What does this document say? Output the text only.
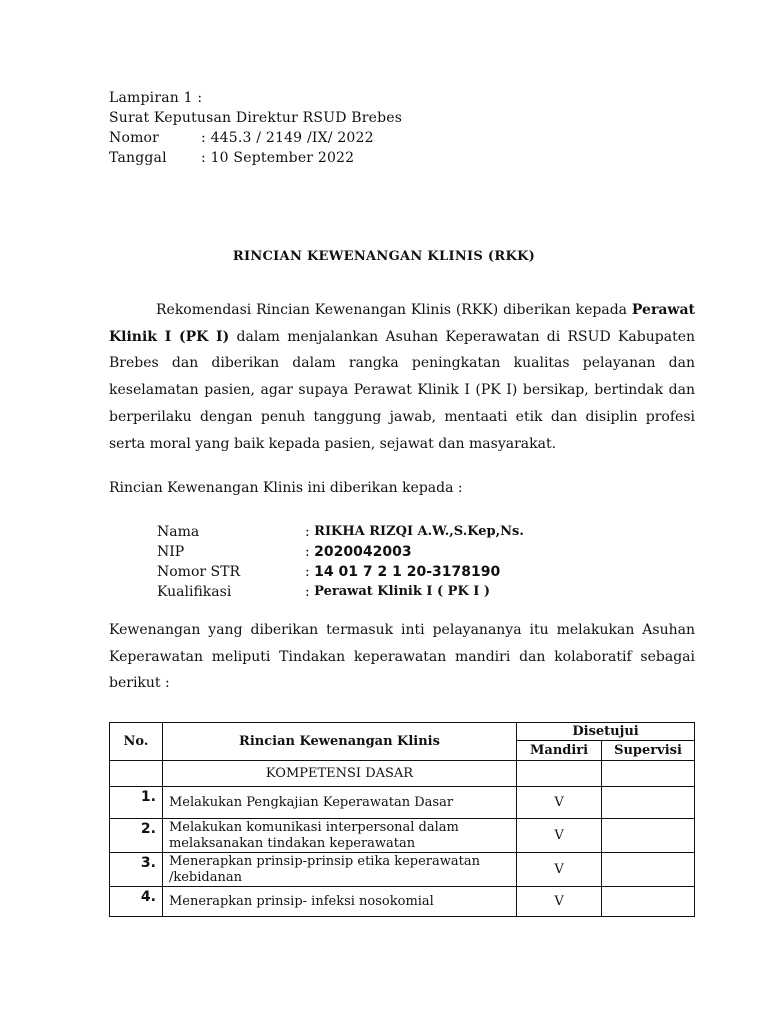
Lampiran 1 :
Surat Keputusan Direktur RSUD Brebes
Nomor	: 445.3 / 2149 /IX/ 2022
Tanggal	: 10 September 2022
RINCIAN KEWENANGAN KLINIS (RKK)
Rekomendasi Rincian Kewenangan Klinis (RKK) diberikan kepada Perawat Klinik I (PK I) dalam menjalankan Asuhan Keperawatan di RSUD Kabupaten Brebes dan diberikan dalam rangka peningkatan kualitas pelayanan dan keselamatan pasien, agar supaya Perawat Klinik I (PK I) bersikap, bertindak dan berperilaku dengan penuh tanggung jawab, mentaati etik dan disiplin profesi serta moral yang baik kepada pasien, sejawat dan masyarakat.
Rincian Kewenangan Klinis ini diberikan kepada :
Nama	:
RIKHA RIZQI A.W.,S.Kep,Ns.
NIP	:
2020042003
Nomor STR	:
14 01 7 2 1 20-3178190
Kualifikasi	:
Perawat Klinik I ( PK I )
Kewenangan yang diberikan termasuk inti pelayananya itu melakukan Asuhan Keperawatan meliputi Tindakan keperawatan mandiri dan kolaboratif sebagai berikut :
No.	Rincian Kewenangan Klinis	Disetujui	
		Mandiri	Supervisi
	KOMPETENSI DASAR		
1.	Melakukan Pengkajian Keperawatan Dasar	V	
2.	Melakukan komunikasi interpersonal dalam melaksanakan tindakan keperawatan	V	
3.	Menerapkan prinsip-prinsip etika keperawatan /kebidanan	V	
4.	Menerapkan prinsip- infeksi nosokomial	V	
